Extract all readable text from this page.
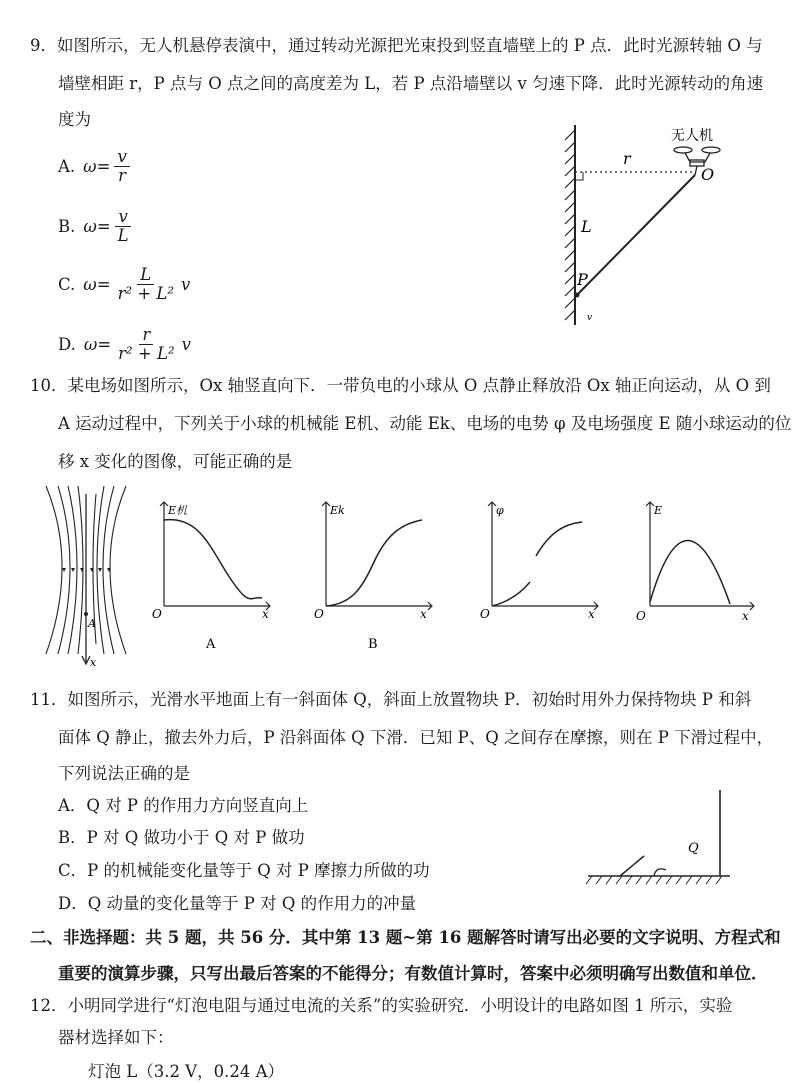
9．如图所示，无人机悬停表演中，通过转动光源把光束投到竖直墙壁上的 P 点．此时光源转轴 O 与
墙壁相距 r，P 点与 O 点之间的高度差为 L，若 P 点沿墙壁以 v 匀速下降．此时光源转动的角速
度为
A. $\omega= \frac{v}{r}$
B. $\omega= \frac{v}{L}$
C. $\omega= \frac{L}{\text{r² + L²}}$ v
D. $\omega= \frac{r}{\text{r² + L²}}$ v
无人机
r
O
L
P
v
10．某电场如图所示，Ox 轴竖直向下．一带负电的小球从 O 点静止释放沿 Ox 轴正向运动，从 O 到
A 运动过程中，下列关于小球的机械能 E机、动能 Ek、电场的电势 φ 及电场强度 E 随小球运动的位
移 x 变化的图像，可能正确的是
A
x
E机
O	x
A
Ek
O	x
B
φ
O	x
E
O	x
11．如图所示，光滑水平地面上有一斜面体 Q，斜面上放置物块 P．初始时用外力保持物块 P 和斜
面体 Q 静止，撤去外力后，P 沿斜面体 Q 下滑．已知 P、Q 之间存在摩擦，则在 P 下滑过程中，
下列说法正确的是
A．Q 对 P 的作用力方向竖直向上
B．P 对 Q 做功小于 Q 对 P 做功
C．P 的机械能变化量等于 Q 对 P 摩擦力所做的功
D．Q 动量的变化量等于 P 对 Q 的作用力的冲量
Q
二、非选择题：共 5 题，共 56 分．其中第 13 题~第 16 题解答时请写出必要的文字说明、方程式和
重要的演算步骤，只写出最后答案的不能得分；有数值计算时，答案中必须明确写出数值和单位．
12．小明同学进行“灯泡电阻与通过电流的关系”的实验研究．小明设计的电路如图 1 所示，实验
器材选择如下：
灯泡 L（3.2 V，0.24 A）
